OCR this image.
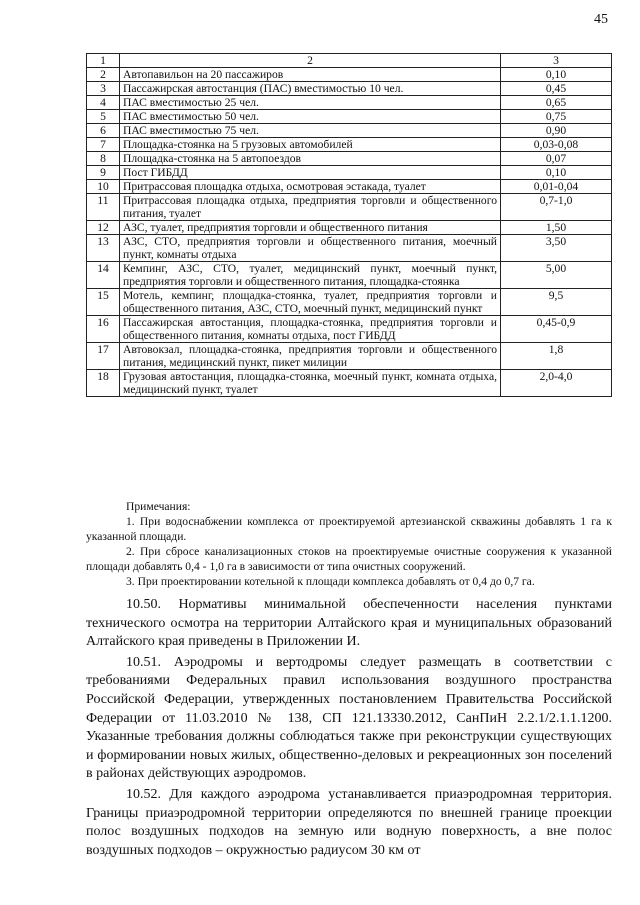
45
1	2	3
2	Автопавильон на 20 пассажиров	0,10
3	Пассажирская автостанция (ПАС) вместимостью 10 чел.	0,45
4	ПАС вместимостью 25 чел.	0,65
5	ПАС вместимостью 50 чел.	0,75
6	ПАС вместимостью 75 чел.	0,90
7	Площадка-стоянка на 5 грузовых автомобилей	0,03-0,08
8	Площадка-стоянка на 5 автопоездов	0,07
9	Пост ГИБДД	0,10
10	Притрассовая площадка отдыха, осмотровая эстакада, туалет	0,01-0,04
11	Притрассовая площадка отдыха, предприятия торговли и общественного питания, туалет	0,7-1,0
12	АЗС, туалет, предприятия торговли и общественного питания	1,50
13	АЗС, СТО, предприятия торговли и общественного питания, моечный пункт, комнаты отдыха	3,50
14	Кемпинг, АЗС, СТО, туалет, медицинский пункт, моечный пункт, предприятия торговли и общественного питания, площадка-стоянка	5,00
15	Мотель, кемпинг, площадка-стоянка, туалет, предприятия торговли и общественного питания, АЗС, СТО, моечный пункт, медицинский пункт	9,5
16	Пассажирская автостанция, площадка-стоянка, предприятия торговли и общественного питания, комнаты отдыха, пост ГИБДД	0,45-0,9
17	Автовокзал, площадка-стоянка, предприятия торговли и общественного питания, медицинский пункт, пикет милиции	1,8
18	Грузовая автостанция, площадка-стоянка, моечный пункт, комната отдыха, медицинский пункт, туалет	2,0-4,0

Примечания:

1. При водоснабжении комплекса от проектируемой артезианской скважины добавлять 1 га к указанной площади.

2. При сбросе канализационных стоков на проектируемые очистные сооружения к указанной площади добавлять 0,4 - 1,0 га в зависимости от типа очистных сооружений.

3. При проектировании котельной к площади комплекса добавлять от 0,4 до 0,7 га.

10.50. Нормативы минимальной обеспеченности населения пунктами технического осмотра на территории Алтайского края и муниципальных образований Алтайского края приведены в Приложении И.

10.51. Аэродромы и вертодромы следует размещать в соответствии с требованиями Федеральных правил использования воздушного пространства Российской Федерации, утвержденных постановлением Правительства Российской Федерации от 11.03.2010 № 138, СП 121.13330.2012, СанПиН 2.2.1/2.1.1.1200. Указанные требования должны соблюдаться также при реконструкции существующих и формировании новых жилых, общественно-деловых и рекреационных зон поселений в районах действующих аэродромов.

10.52. Для каждого аэродрома устанавливается приаэродромная территория. Границы приаэродромной территории определяются по внешней границе проекции полос воздушных подходов на земную или водную поверхность, а вне полос воздушных подходов – окружностью радиусом 30 км от
